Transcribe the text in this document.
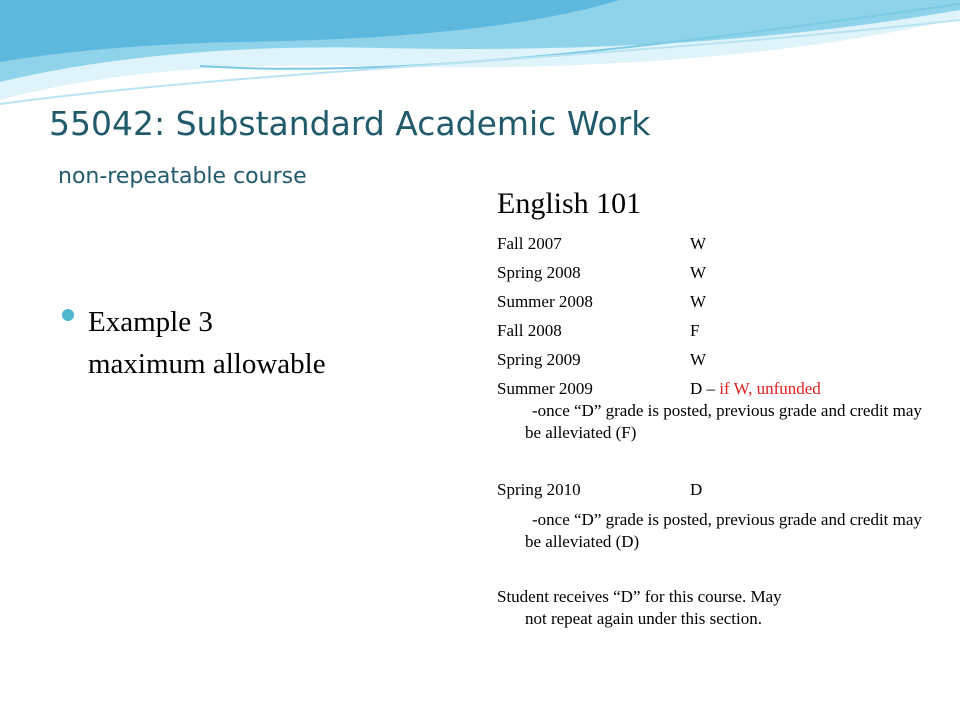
55042: Substandard Academic Work
non-repeatable course
Example 3
maximum allowable
English 101
Fall 2007	W
Spring 2008	W
Summer 2008	W
Fall 2008	F
Spring 2009	W
Summer 2009	D – if W, unfunded
-once “D” grade is posted, previous grade and credit may be alleviated (F)
Spring 2010	D
-once “D” grade is posted, previous grade and credit may be alleviated (D)
Student receives “D” for this course. May
not repeat again under this section.
